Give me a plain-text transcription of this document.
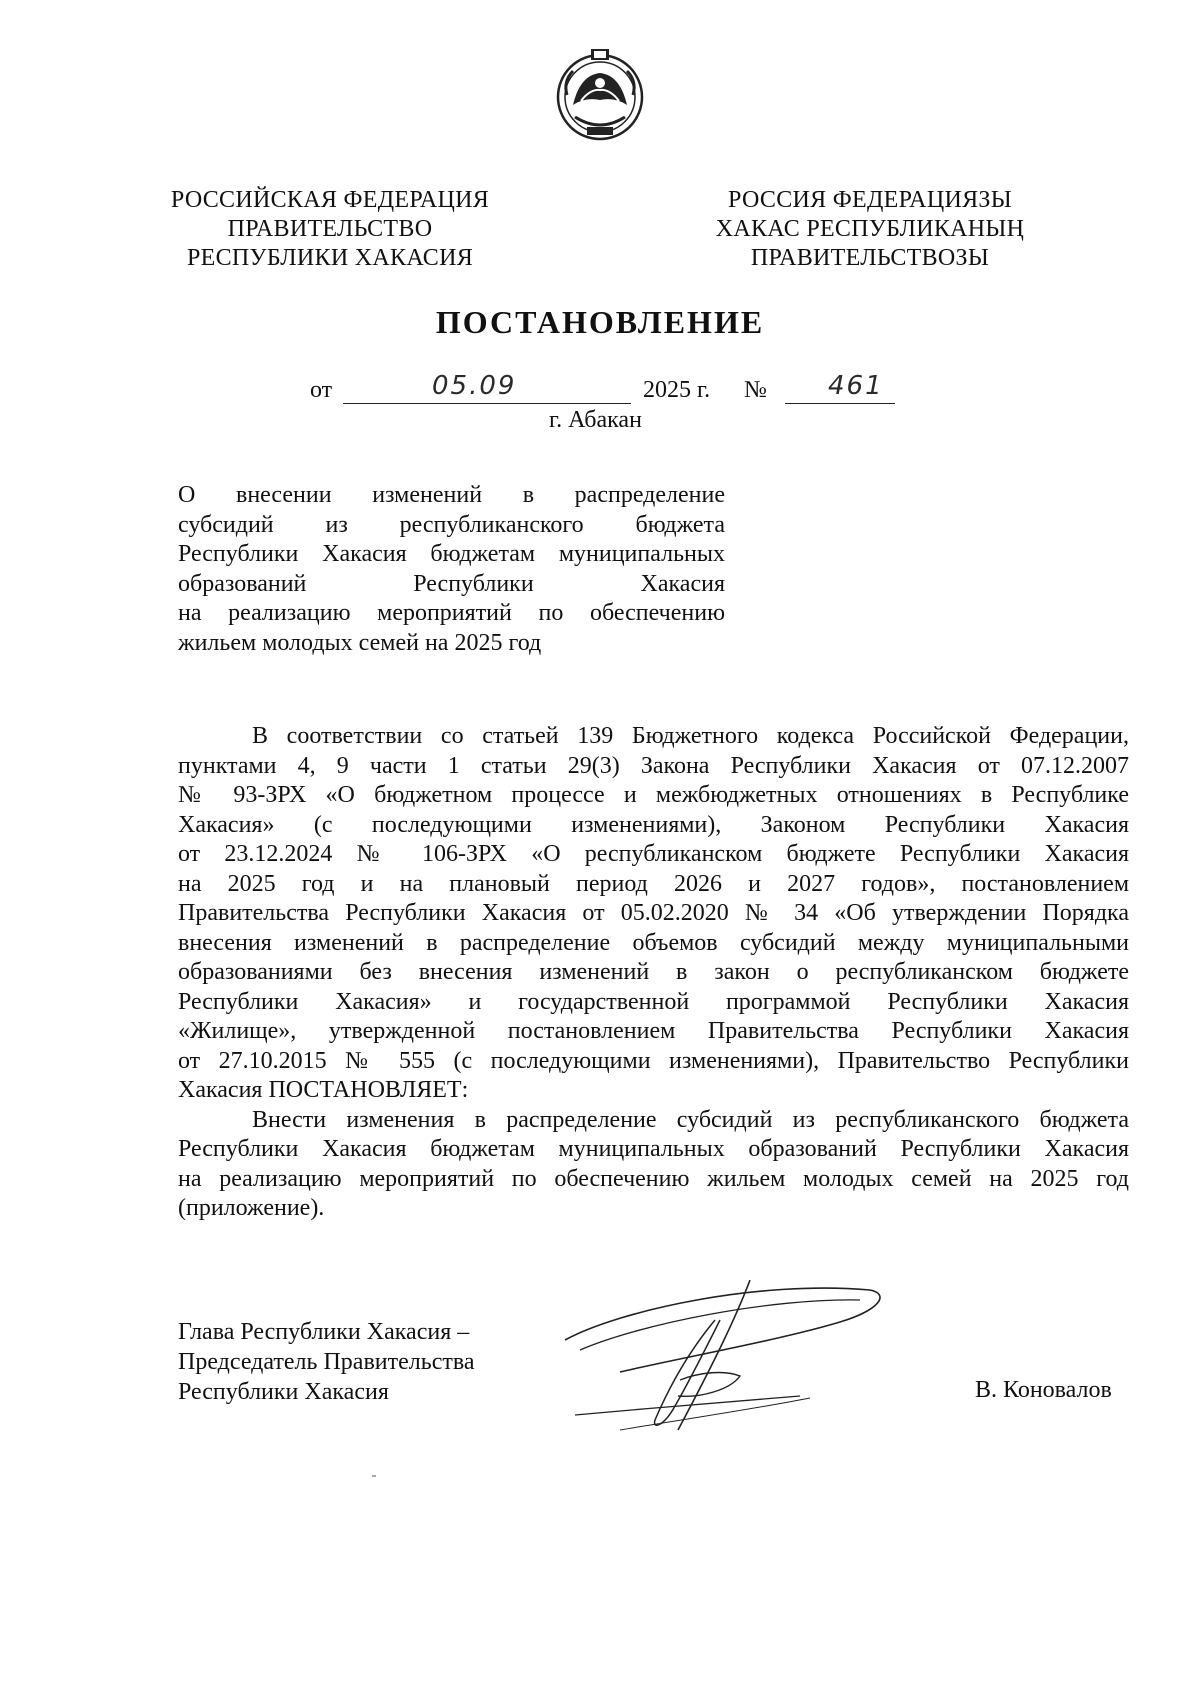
РОССИЙСКАЯ ФЕДЕРАЦИЯ
ПРАВИТЕЛЬСТВО
РЕСПУБЛИКИ ХАКАСИЯ
РОССИЯ ФЕДЕРАЦИЯЗЫ
ХАКАС РЕСПУБЛИКАНЫҢ
ПРАВИТЕЛЬСТВОЗЫ
ПОСТАНОВЛЕНИЕ
от	05.09	2025 г. № 461
г. Абакан
О внесении изменений в распределение
субсидий из республиканского бюджета
Республики Хакасия бюджетам муниципальных
образований Республики Хакасия
на реализацию мероприятий по обеспечению
жильем молодых семей на 2025 год
В соответствии со статьей 139 Бюджетного кодекса Российской Федерации,
пунктами 4, 9 части 1 статьи 29(3) Закона Республики Хакасия от 07.12.2007
№ 93-ЗРХ «О бюджетном процессе и межбюджетных отношениях в Республике
Хакасия» (с последующими изменениями), Законом Республики Хакасия
от 23.12.2024 № 106-ЗРХ «О республиканском бюджете Республики Хакасия
на 2025 год и на плановый период 2026 и 2027 годов», постановлением
Правительства Республики Хакасия от 05.02.2020 № 34 «Об утверждении Порядка
внесения изменений в распределение объемов субсидий между муниципальными
образованиями без внесения изменений в закон о республиканском бюджете
Республики Хакасия» и государственной программой Республики Хакасия
«Жилище», утвержденной постановлением Правительства Республики Хакасия
от 27.10.2015 № 555 (с последующими изменениями), Правительство Республики
Хакасия ПОСТАНОВЛЯЕТ:
Внести изменения в распределение субсидий из республиканского бюджета
Республики Хакасия бюджетам муниципальных образований Республики Хакасия
на реализацию мероприятий по обеспечению жильем молодых семей на 2025 год
(приложение).
Глава Республики Хакасия –
Председатель Правительства
Республики Хакасия	В. Коновалов
